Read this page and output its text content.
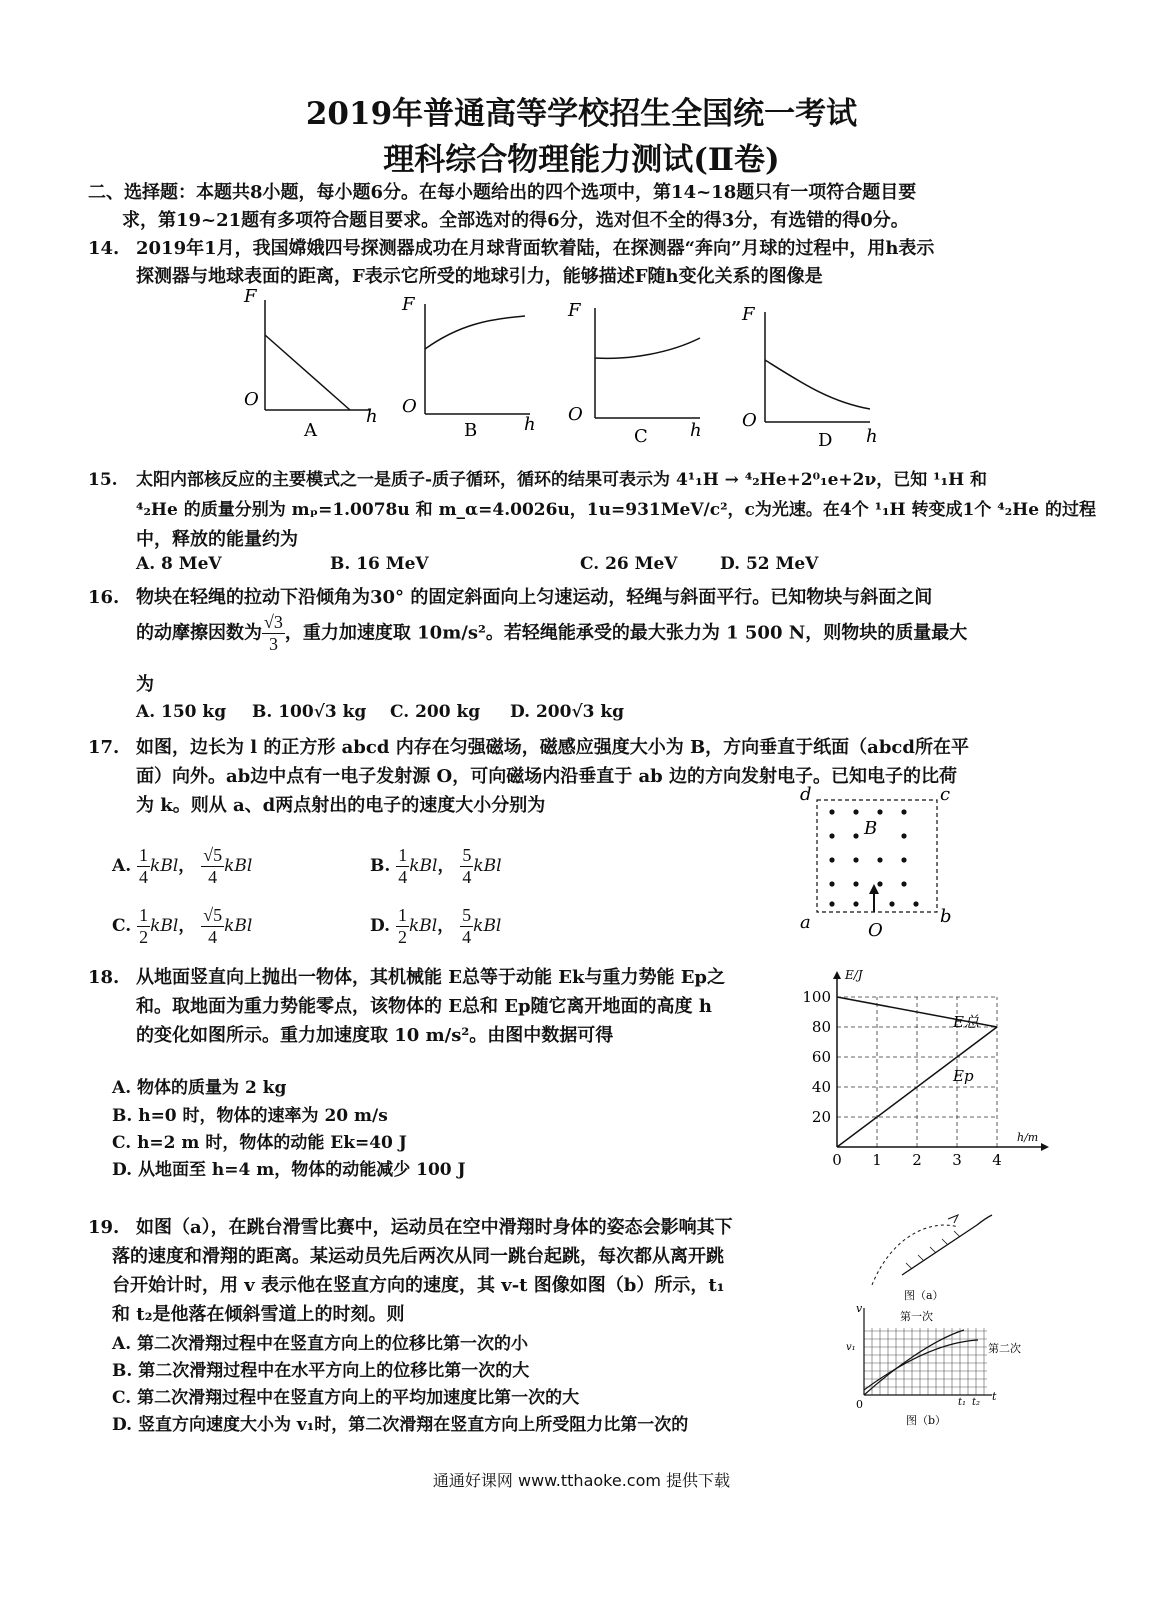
2019年普通高等学校招生全国统一考试
理科综合物理能力测试(Ⅱ卷)
二、选择题：本题共8小题，每小题6分。在每小题给出的四个选项中，第14~18题只有一项符合题目要
求，第19~21题有多项符合题目要求。全部选对的得6分，选对但不全的得3分，有选错的得0分。
14. 2019年1月，我国嫦娥四号探测器成功在月球背面软着陆，在探测器“奔向”月球的过程中，用h表示
探测器与地球表面的距离，F表示它所受的地球引力，能够描述F随h变化关系的图像是
F
O
h
A
F
O
h
B
F
O
h
C
F
O
h
D
15. 太阳内部核反应的主要模式之一是质子-质子循环，循环的结果可表示为 4¹₁H → ⁴₂He+2⁰₁e+2ν，已知 ¹₁H 和
⁴₂He 的质量分别为 mₚ=1.0078u 和 m_α=4.0026u，1u=931MeV/c²，c为光速。在4个 ¹₁H 转变成1个 ⁴₂He 的过程
中，释放的能量约为
A. 8 MeV	B. 16 MeV	C. 26 MeV	D. 52 MeV
16. 物块在轻绳的拉动下沿倾角为30° 的固定斜面向上匀速运动，轻绳与斜面平行。已知物块与斜面之间
的动摩擦因数为 $\frac{√3}{3}$ ，重力加速度取 10m/s²。若轻绳能承受的最大张力为 1 500 N，则物块的质量最大
为
A. 150 kg B. 100√3 kg C. 200 kg D. 200√3 kg
17. 如图，边长为 l 的正方形 abcd 内存在匀强磁场，磁感应强度大小为 B，方向垂直于纸面（abcd所在平
面）向外。ab边中点有一电子发射源 O，可向磁场内沿垂直于 ab 边的方向发射电子。已知电子的比荷
为 k。则从 a、d两点射出的电子的速度大小分别为
A. $\frac{1}{4}$ kBl， $\frac{√5}{4}$ kBl	B. $\frac{1}{4}$ kBl， $\frac{5}{4}$ kBl
C. $\frac{1}{2}$ kBl， $\frac{√5}{4}$ kBl	D. $\frac{1}{2}$ kBl， $\frac{5}{4}$ kBl
d	c
a	b
B
O
18. 从地面竖直向上抛出一物体，其机械能 E总等于动能 Ek与重力势能 Ep之
和。取地面为重力势能零点，该物体的 E总和 Ep随它离开地面的高度 h
的变化如图所示。重力加速度取 10 m/s²。由图中数据可得
A. 物体的质量为 2 kg
B. h=0 时，物体的速率为 20 m/s
C. h=2 m 时，物体的动能 Ek=40 J
D. 从地面至 h=4 m，物体的动能减少 100 J
100
80
60
40
20
0 1 2 3 4
E/J
h/m
E总
Ep
19. 如图（a），在跳台滑雪比赛中，运动员在空中滑翔时身体的姿态会影响其下
落的速度和滑翔的距离。某运动员先后两次从同一跳台起跳，每次都从离开跳
台开始计时，用 v 表示他在竖直方向的速度，其 v-t 图像如图（b）所示，t₁
和 t₂是他落在倾斜雪道上的时刻。则
A. 第二次滑翔过程中在竖直方向上的位移比第一次的小
B. 第二次滑翔过程中在水平方向上的位移比第一次的大
C. 第二次滑翔过程中在竖直方向上的平均加速度比第一次的大
D. 竖直方向速度大小为 v₁时，第二次滑翔在竖直方向上所受阻力比第一次的
图（a）
v
v₁
0	t₁ t₂ t
第一次
第二次
图（b）
通通好课网 www.tthaoke.com 提供下载
